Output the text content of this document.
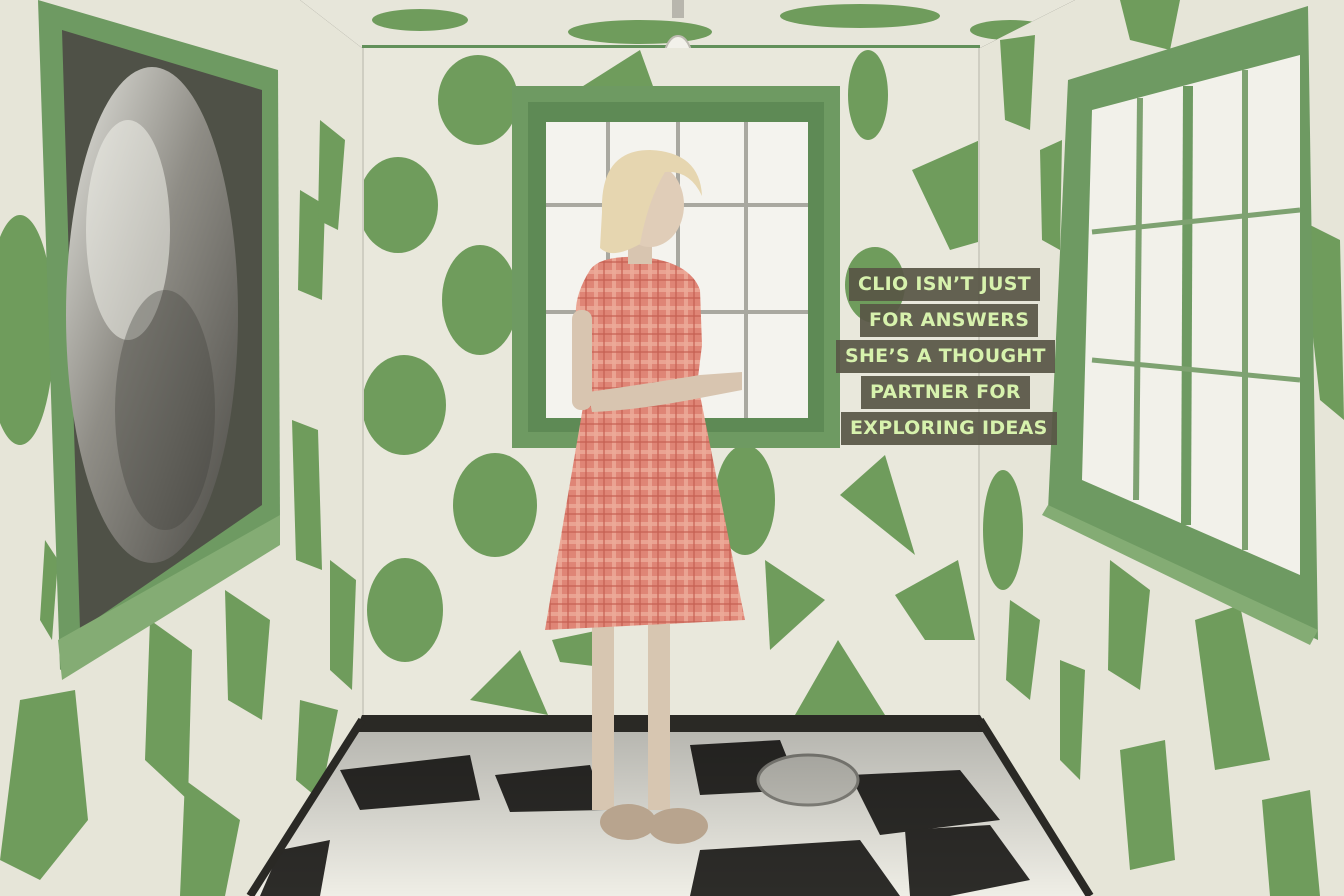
CLIO ISN’T JUST
FOR ANSWERS
SHE’S A THOUGHT
PARTNER FOR
EXPLORING IDEAS
